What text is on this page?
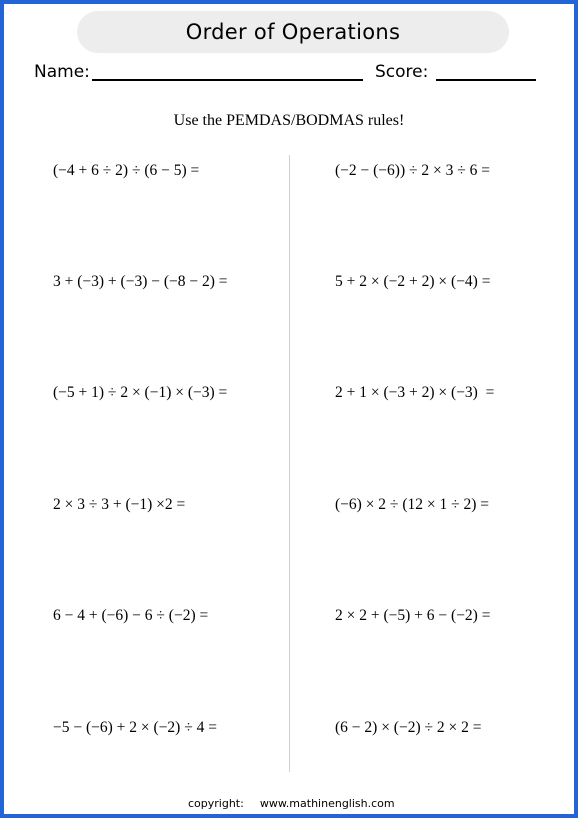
Order of Operations
Name:	Score:
Use the PEMDAS/BODMAS rules!
(−4 + 6 ÷ 2) ÷ (6 − 5) =
3 + (−3) + (−3) − (−8 − 2) =
(−5 + 1) ÷ 2 × (−1) × (−3) =
2 × 3 ÷ 3 + (−1) ×2 =
6 − 4 + (−6) − 6 ÷ (−2) =
−5 − (−6) + 2 × (−2) ÷ 4 =
(−2 − (−6)) ÷ 2 × 3 ÷ 6 =
5 + 2 × (−2 + 2) × (−4) =
2 + 1 × (−3 + 2) × (−3)  =
(−6) × 2 ÷ (12 × 1 ÷ 2) =
2 × 2 + (−5) + 6 − (−2) =
(6 − 2) × (−2) ÷ 2 × 2 =
copyright: www.mathinenglish.com
